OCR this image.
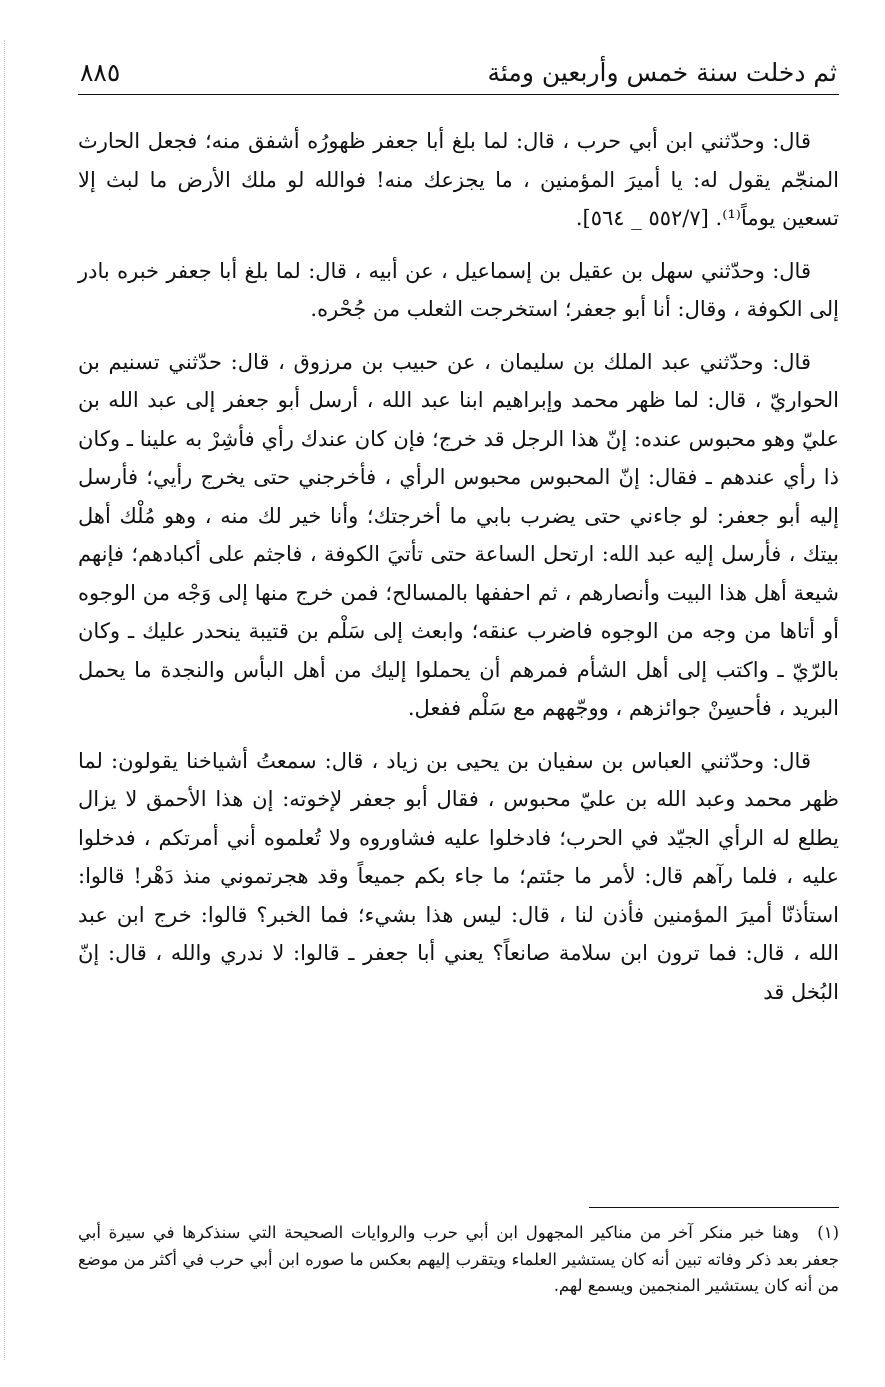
ثم دخلت سنة خمس وأربعين ومئة
٨٨٥

قال: وحدّثني ابن أبي حرب ، قال: لما بلغ أبا جعفر ظهورُه أشفق منه؛ فجعل الحارث المنجّم يقول له: يا أميرَ المؤمنين ، ما يجزعك منه! فوالله لو ملك الأرض ما لبث إلا تسعين يوماً⁽¹⁾. [٥٥٢/٧ _ ٥٦٤].

قال: وحدّثني سهل بن عقيل بن إسماعيل ، عن أبيه ، قال: لما بلغ أبا جعفر خبره بادر إلى الكوفة ، وقال: أنا أبو جعفر؛ استخرجت الثعلب من جُحْره.

قال: وحدّثني عبد الملك بن سليمان ، عن حبيب بن مرزوق ، قال: حدّثني تسنيم بن الحواريّ ، قال: لما ظهر محمد وإبراهيم ابنا عبد الله ، أرسل أبو جعفر إلى عبد الله بن عليّ وهو محبوس عنده: إنّ هذا الرجل قد خرج؛ فإن كان عندك رأي فأشِرْ به علينا ـ وكان ذا رأي عندهم ـ فقال: إنّ المحبوس محبوس الرأي ، فأخرجني حتى يخرج رأيي؛ فأرسل إليه أبو جعفر: لو جاءني حتى يضرب بابي ما أخرجتك؛ وأنا خير لك منه ، وهو مُلْك أهل بيتك ، فأرسل إليه عبد الله: ارتحل الساعة حتى تأتيَ الكوفة ، فاجثم على أكبادهم؛ فإنهم شيعة أهل هذا البيت وأنصارهم ، ثم احففها بالمسالح؛ فمن خرج منها إلى وَجْه من الوجوه أو أتاها من وجه من الوجوه فاضرب عنقه؛ وابعث إلى سَلْم بن قتيبة ينحدر عليك ـ وكان بالرّيّ ـ واكتب إلى أهل الشأم فمرهم أن يحملوا إليك من أهل البأس والنجدة ما يحمل البريد ، فأحسِنْ جوائزهم ، ووجّههم مع سَلْم ففعل.

قال: وحدّثني العباس بن سفيان بن يحيى بن زياد ، قال: سمعتُ أشياخنا يقولون: لما ظهر محمد وعبد الله بن عليّ محبوس ، فقال أبو جعفر لإخوته: إن هذا الأحمق لا يزال يطلع له الرأي الجيّد في الحرب؛ فادخلوا عليه فشاوروه ولا تُعلموه أني أمرتكم ، فدخلوا عليه ، فلما رآهم قال: لأمر ما جئتم؛ ما جاء بكم جميعاً وقد هجرتموني منذ دَهْر! قالوا: استأذنّا أميرَ المؤمنين فأذن لنا ، قال: ليس هذا بشيء؛ فما الخبر؟ قالوا: خرج ابن عبد الله ، قال: فما ترون ابن سلامة صانعاً؟ يعني أبا جعفر ـ قالوا: لا ندري والله ، قال: إنّ البُخل قد

(١)وهنا خبر منكر آخر من مناكير المجهول ابن أبي حرب والروايات الصحيحة التي سنذكرها في سيرة أبي جعفر بعد ذكر وفاته تبين أنه كان يستشير العلماء ويتقرب إليهم بعكس ما صوره ابن أبي حرب في أكثر من موضع من أنه كان يستشير المنجمين ويسمع لهم.
